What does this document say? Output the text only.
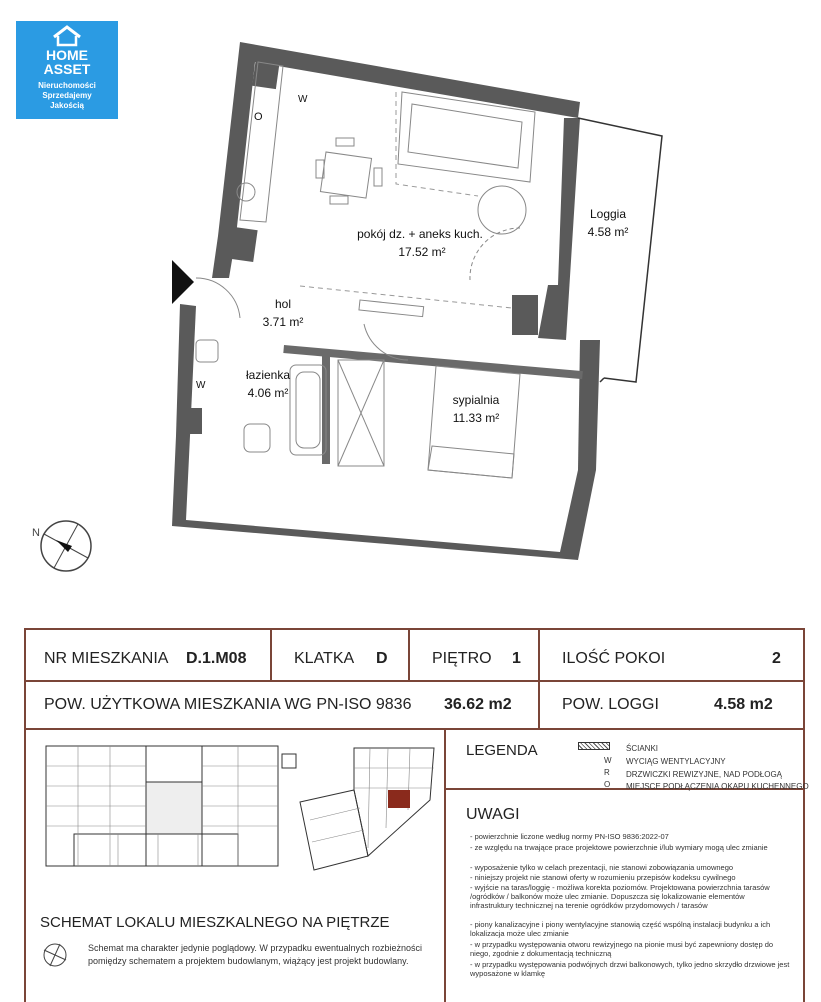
HOME
ASSET
Nieruchomości
Sprzedajemy
Jakością
W
O
W
pokój dz. + aneks kuch.
17.52 m²
Loggia
4.58 m²
hol
3.71 m²
łazienka
4.06 m²	sypialnia
11.33 m²
N
NR MIESZKANIA D.1.M08	KLATKA D	PIĘTRO 1	ILOŚĆ POKOI	2
POW. UŻYTKOWA MIESZKANIA WG PN-ISO 9836 36.62 m2	POW. LOGGI	4.58 m2
SCHEMAT LOKALU MIESZKALNEGO NA PIĘTRZE
Schemat ma charakter jedynie poglądowy. W przypadku ewentualnych rozbieżności pomiędzy schematem a projektem budowlanym, wiążący jest projekt budowlany.
LEGENDA	ŚCIANKI
W WYCIĄG WENTYLACYJNY
R DRZWICZKI REWIZYJNE, NAD PODŁOGĄ
O MIEJSCE PODŁĄCZENIA OKAPU KUCHENNEGO
UWAGI
- powierzchnie liczone według normy PN-ISO 9836:2022-07
- ze względu na trwające prace projektowe powierzchnie i/lub wymiary mogą ulec zmianie
- wyposażenie tylko w celach prezentacji, nie stanowi zobowiązania umownego
- niniejszy projekt nie stanowi oferty w rozumieniu przepisów kodeksu cywilnego
- wyjście na taras/loggię - możliwa korekta poziomów. Projektowana powierzchnia tarasów /ogródków / balkonów może ulec zmianie. Dopuszcza się lokalizowanie elementów infrastruktury technicznej na terenie ogródków przydomowych / tarasów
- piony kanalizacyjne i piony wentylacyjne stanowią część wspólną instalacji budynku a ich lokalizacja może ulec zmianie
- w przypadku występowania otworu rewizyjnego na pionie musi być zapewniony dostęp do niego, zgodnie z dokumentacją techniczną
- w przypadku występowania podwójnych drzwi balkonowych, tylko jedno skrzydło drzwiowe jest wyposażone w klamkę
